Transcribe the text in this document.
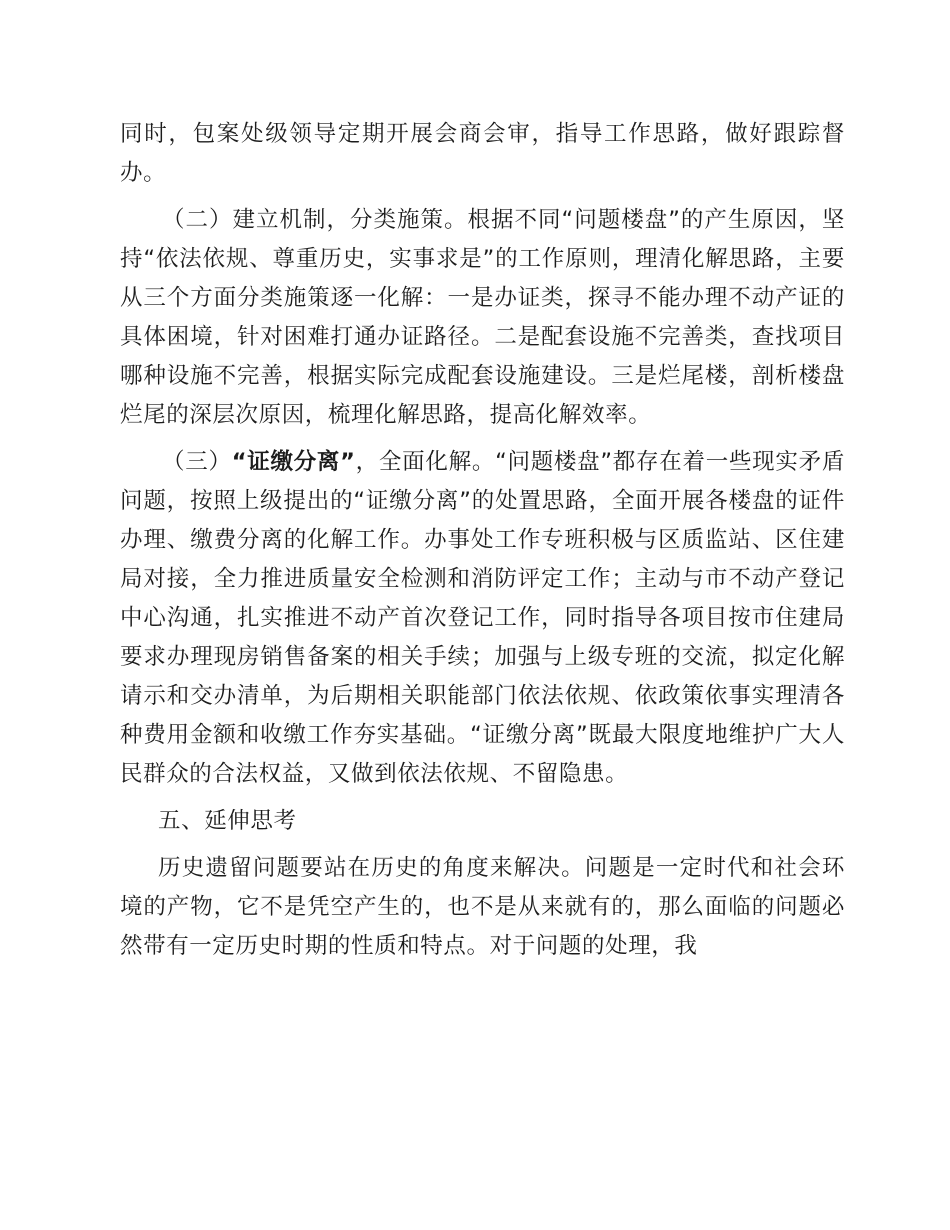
同时，包案处级领导定期开展会商会审，指导工作思路，做好跟踪督办。

（二）建立机制，分类施策。根据不同“问题楼盘”的产生原因，坚持“依法依规、尊重历史，实事求是”的工作原则，理清化解思路，主要从三个方面分类施策逐一化解：一是办证类，探寻不能办理不动产证的具体困境，针对困难打通办证路径。二是配套设施不完善类，查找项目哪种设施不完善，根据实际完成配套设施建设。三是烂尾楼，剖析楼盘烂尾的深层次原因，梳理化解思路，提高化解效率。

（三）“证缴分离”，全面化解。“问题楼盘”都存在着一些现实矛盾问题，按照上级提出的“证缴分离”的处置思路，全面开展各楼盘的证件办理、缴费分离的化解工作。办事处工作专班积极与区质监站、区住建局对接，全力推进质量安全检测和消防评定工作；主动与市不动产登记中心沟通，扎实推进不动产首次登记工作，同时指导各项目按市住建局要求办理现房销售备案的相关手续；加强与上级专班的交流，拟定化解请示和交办清单，为后期相关职能部门依法依规、依政策依事实理清各种费用金额和收缴工作夯实基础。“证缴分离”既最大限度地维护广大人民群众的合法权益，又做到依法依规、不留隐患。

五、延伸思考

历史遗留问题要站在历史的角度来解决。问题是一定时代和社会环境的产物，它不是凭空产生的，也不是从来就有的，那么面临的问题必然带有一定历史时期的性质和特点。对于问题的处理，我
